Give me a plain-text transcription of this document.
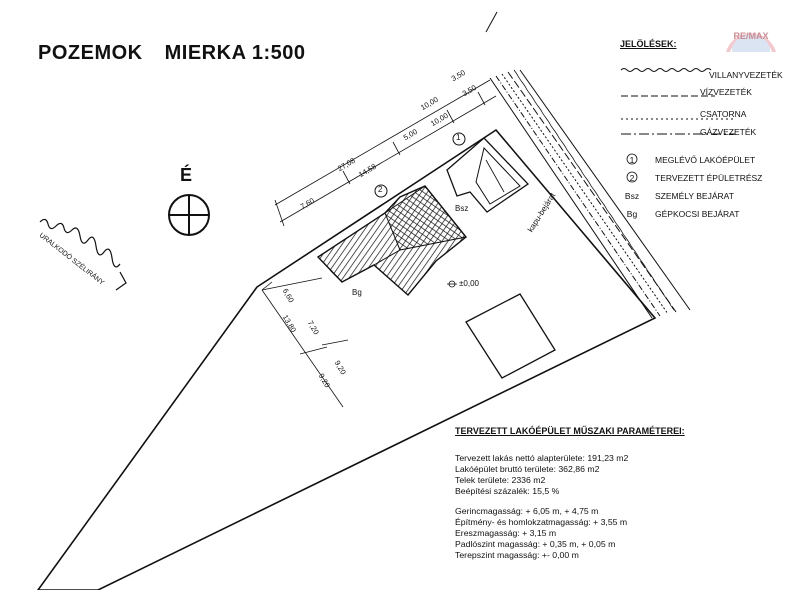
POZEMOK MIERKA 1:500
RE/MAX
É
URALKODÓ SZÉLIRÁNY
kapu-bejárat
±0,00
1
2
Bsz
Bg
27,08
7,60
14,58
5,00
10,00
10,00
3,50
3,50
6,60
7,20
13,80
9,20
9,20
JELÖLÉSEK:
VILLANYVEZETÉK
VÍZVEZETÉK
CSATORNA
GÁZVEZETÉK
1	MEGLÉVŐ LAKÓÉPÜLET
2	TERVEZETT ÉPÜLETRÉSZ
Bsz	SZEMÉLY BEJÁRAT
Bg	GÉPKOCSI BEJÁRAT
TERVEZETT LAKÓÉPÜLET MŰSZAKI PARAMÉTEREI:
Tervezett lakás nettó alapterülete: 191,23 m2
Lakóépület bruttó területe: 362,86 m2
Telek területe: 2336 m2
Beépítési százalék: 15,5 %
Gerincmagasság: + 6,05 m, + 4,75 m
Építmény- és homlokzatmagasság: + 3,55 m
Ereszmagasság: + 3,15 m
Padlószint magasság: + 0,35 m, + 0,05 m
Terepszint magasság: +- 0,00 m
